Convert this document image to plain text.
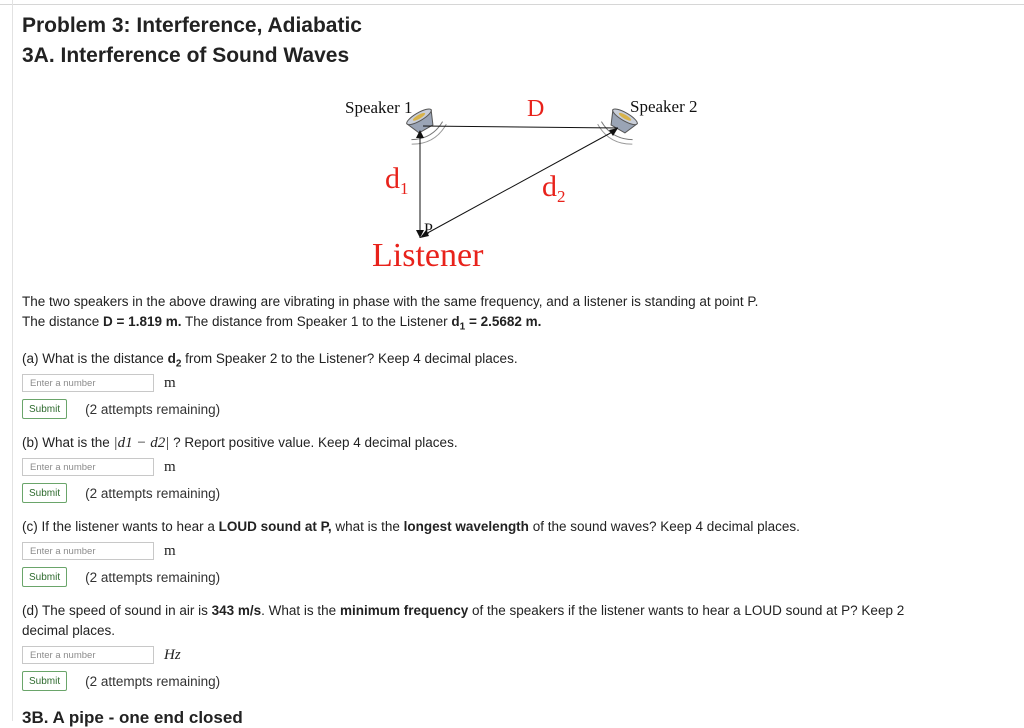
Problem 3: Interference, Adiabatic
3A. Interference of Sound Waves
Speaker 1	Speaker 2
D
$d_1$	$d_2$
P
Listener
The two speakers in the above drawing are vibrating in phase with the same frequency, and a listener is standing at point P.
The distance D = 1.819 m. The distance from Speaker 1 to the Listener $d_1 = 2.5682$ m.
(a) What is the distance $d_2$ from Speaker 2 to the Listener? Keep 4 decimal places.
Enter a number
m
Submit	(2 attempts remaining)
(b) What is the |d1 − d2| ? Report positive value. Keep 4 decimal places.
Enter a number
m
Submit	(2 attempts remaining)
(c) If the listener wants to hear a LOUD sound at P, what is the longest wavelength of the sound waves? Keep 4 decimal places.
Enter a number
m
Submit	(2 attempts remaining)
(d) The speed of sound in air is 343 m/s. What is the minimum frequency of the speakers if the listener wants to hear a LOUD sound at P? Keep 2
decimal places.
Enter a number
Hz
Submit	(2 attempts remaining)
3B. A pipe - one end closed
